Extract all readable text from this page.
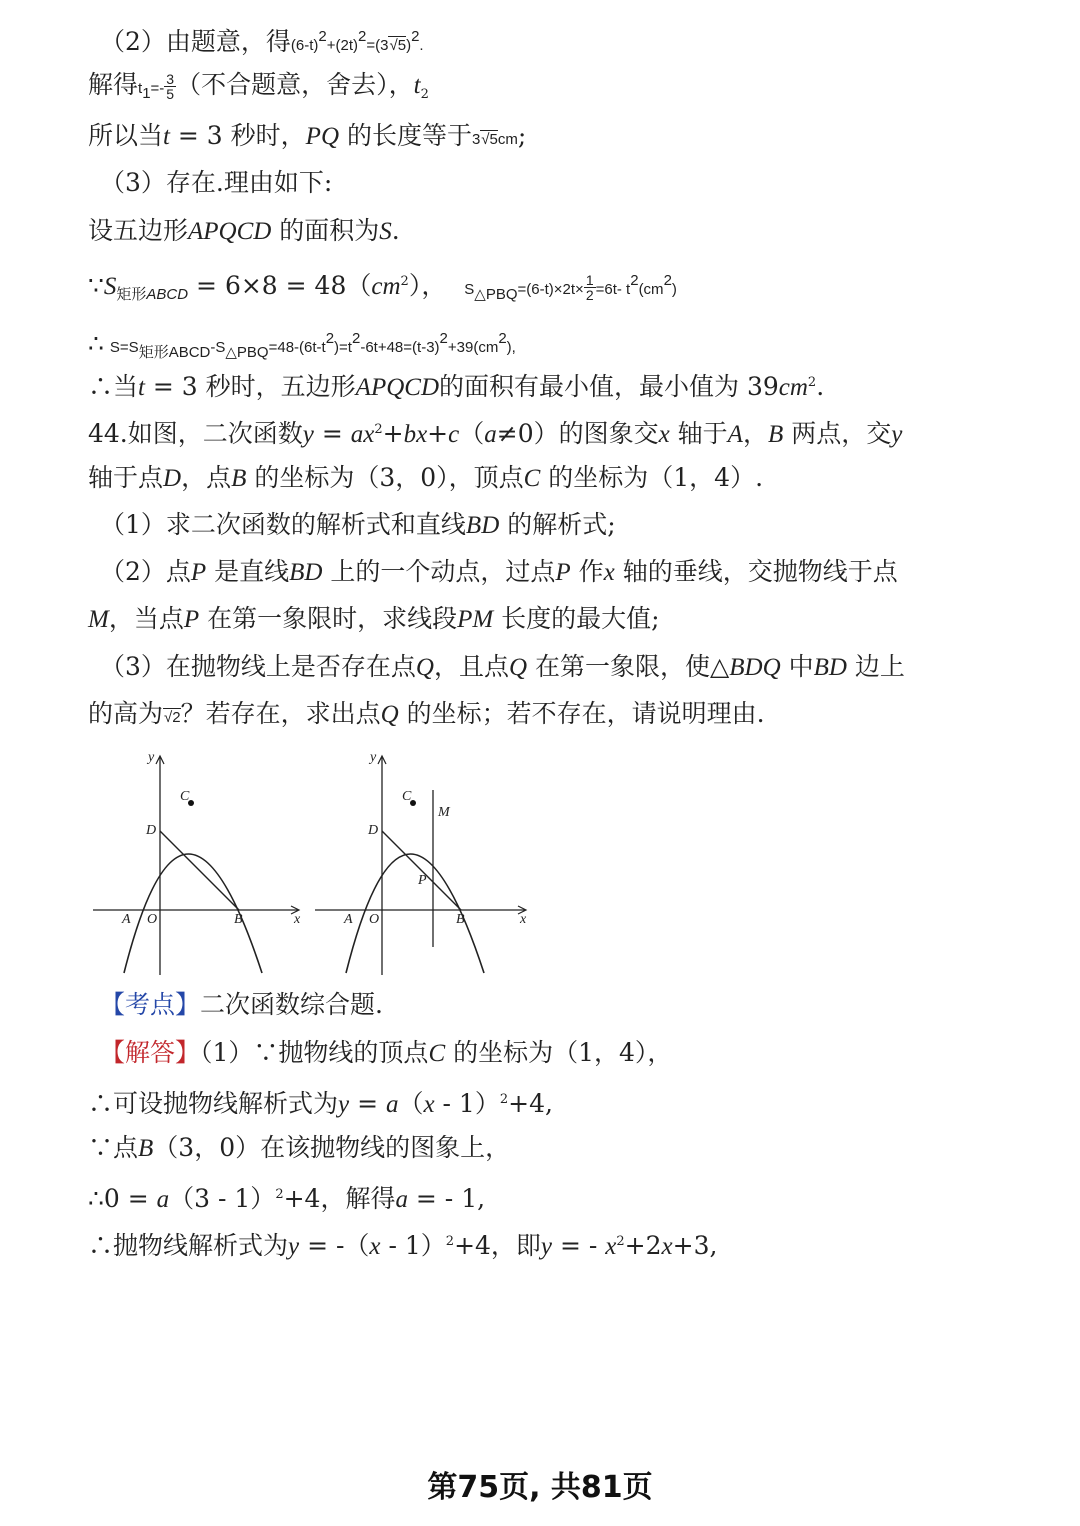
（2）由题意，得$(6-t)^2+(2t)^2=(3√5)^2$.
解得$t_1=- \frac{3}{5}$ （不合题意，舍去），$t_2$
所以当t = 3 秒时，PQ 的长度等于3√5cm;
（3）存在.理由如下:
设五边形APQCD 的面积为S.
$\because S_{矩形ABCD} = 6\times 8 = 48(cm^2)$， $S_{\triangle PBQ}=(6-t)\times 2t\times \frac{1}{2} =6t-$ $t^2(cm^2)$
∴ $S=S_{矩形ABCD}-S_{\triangle PBQ}=48-(6t-t^2)=t^2-6t+48=(t-3)^2+39(cm^2)$,
∴当t = 3 秒时，五边形APQCD的面积有最小值，最小值为 $39cm^2$.
44.如图，二次函数$y = ax^2+bx+c(a\ne 0)$的图象交x 轴于A，B 两点，交y
轴于点D，点B 的坐标为（3，0），顶点C 的坐标为（1，4）.
（1）求二次函数的解析式和直线BD 的解析式;
（2）点P 是直线BD 上的一个动点，过点P 作x 轴的垂线，交抛物线于点
M，当点P 在第一象限时，求线段PM 长度的最大值;
（3）在抛物线上是否存在点Q，且点Q 在第一象限，使△BDQ 中BD 边上
的高为√2？若存在，求出点Q 的坐标；若不存在，请说明理由.
y
C
D
A O	B	x
y
C
M
D
P
A O	B	x
【考点】二次函数综合题.
【解答】（1）∵抛物线的顶点C 的坐标为（1，4），
∴可设抛物线解析式为y = a（x - 1）$^2$+4,
∵点B（3，0）在该抛物线的图象上，
∴0 = a（3 - 1）$^2$+4，解得a = - 1,
∴抛物线解析式为y = -（x - 1）$^2$+4，即y = - $x^2+2x+3$,
第75页, 共81页
